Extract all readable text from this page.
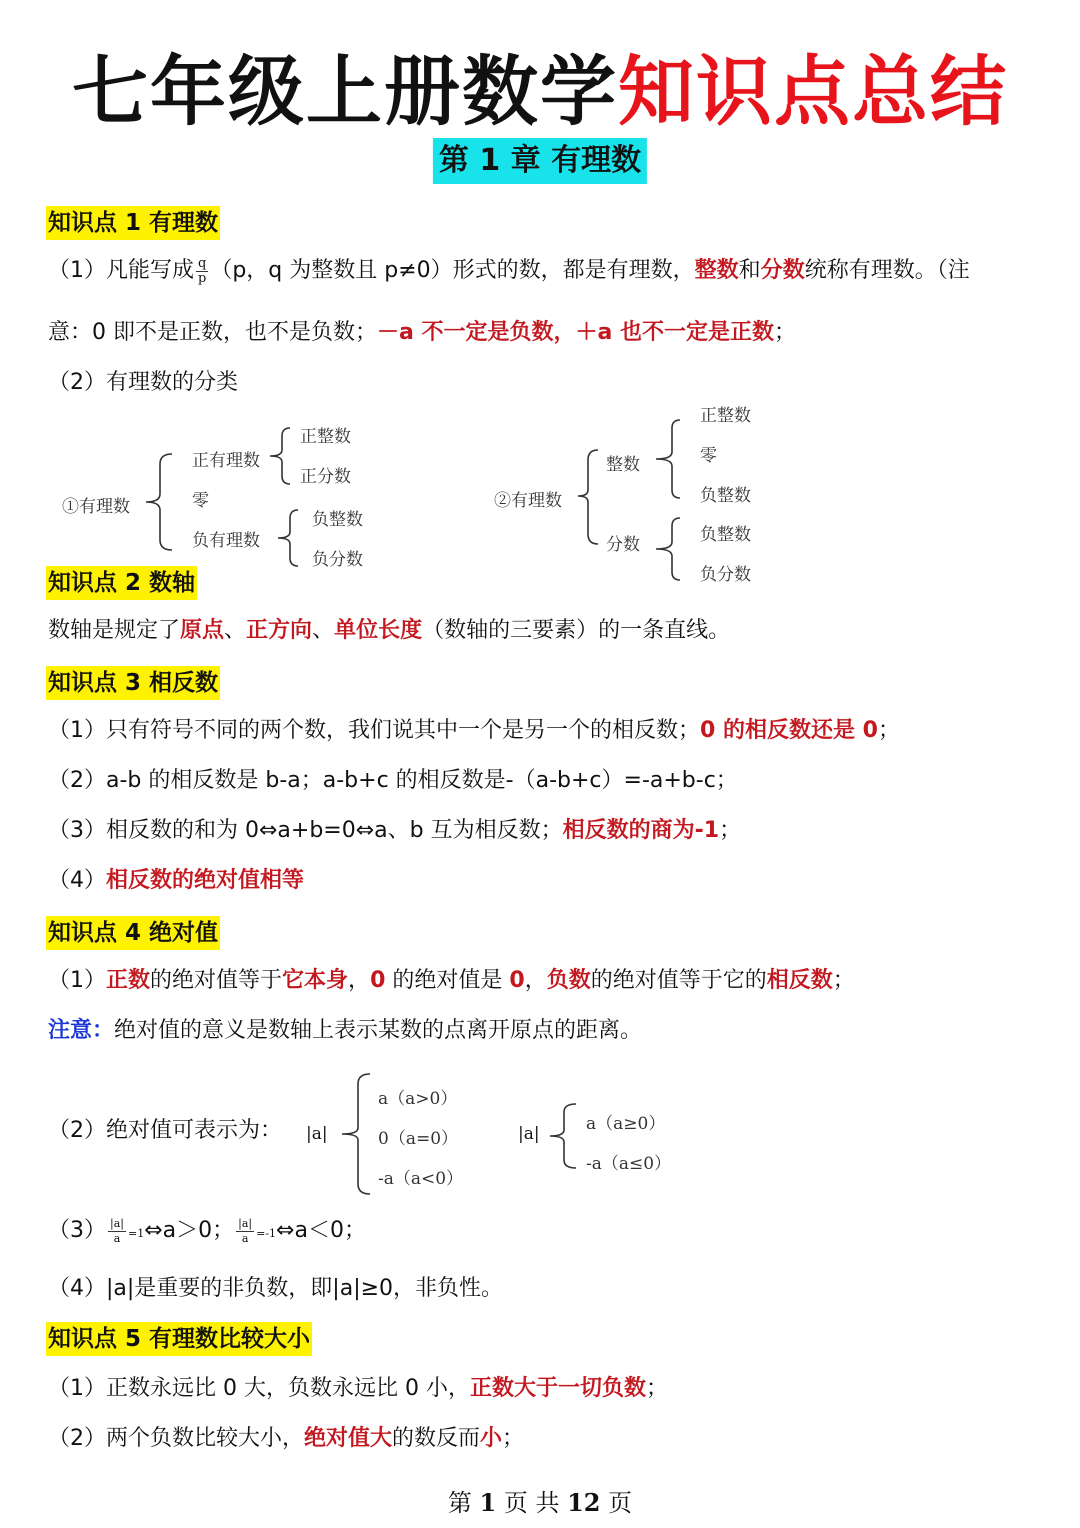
七年级上册数学知识点总结
第 1 章 有理数
知识点 1 有理数
（1）凡能写成 $\frac{q}{p} (p$，q 为整数且 p≠0）形式的数，都是有理数，整数和分数统称有理数。（注
意：0 即不是正数，也不是负数；－a 不一定是负数，＋a 也不一定是正数；
（2）有理数的分类
①有理数
正有理数
零
负有理数
正整数
正分数
负整数
负分数
②有理数
整数
分数
正整数
零
负整数
负整数
负分数
知识点 2 数轴
数轴是规定了原点、正方向、单位长度（数轴的三要素）的一条直线。
知识点 3 相反数
（1）只有符号不同的两个数，我们说其中一个是另一个的相反数；0 的相反数还是 0；
（2）a-b 的相反数是 b-a；a-b+c 的相反数是-（a-b+c）=-a+b-c；
（3）相反数的和为 0⇔a+b=0⇔a、b 互为相反数；相反数的商为-1；
（4）相反数的绝对值相等
知识点 4 绝对值
（1）正数的绝对值等于它本身，0 的绝对值是 0，负数的绝对值等于它的相反数；
注意：绝对值的意义是数轴上表示某数的点离开原点的距离。
（2）绝对值可表示为： |a|
a（a>0）
0（a=0）
-a（a<0）
|a|	a（a≥0）
-a（a≤0）
$(3) \frac{|a|}{a}$ =1⇔a＞0； $\frac{|a|}{a}$ =-1⇔a＜0；
（4）|a|是重要的非负数，即|a|≥0，非负性。
知识点 5 有理数比较大小
（1）正数永远比 0 大，负数永远比 0 小，正数大于一切负数；
（2）两个负数比较大小，绝对值大的数反而小；
第 1 页 共 12 页
